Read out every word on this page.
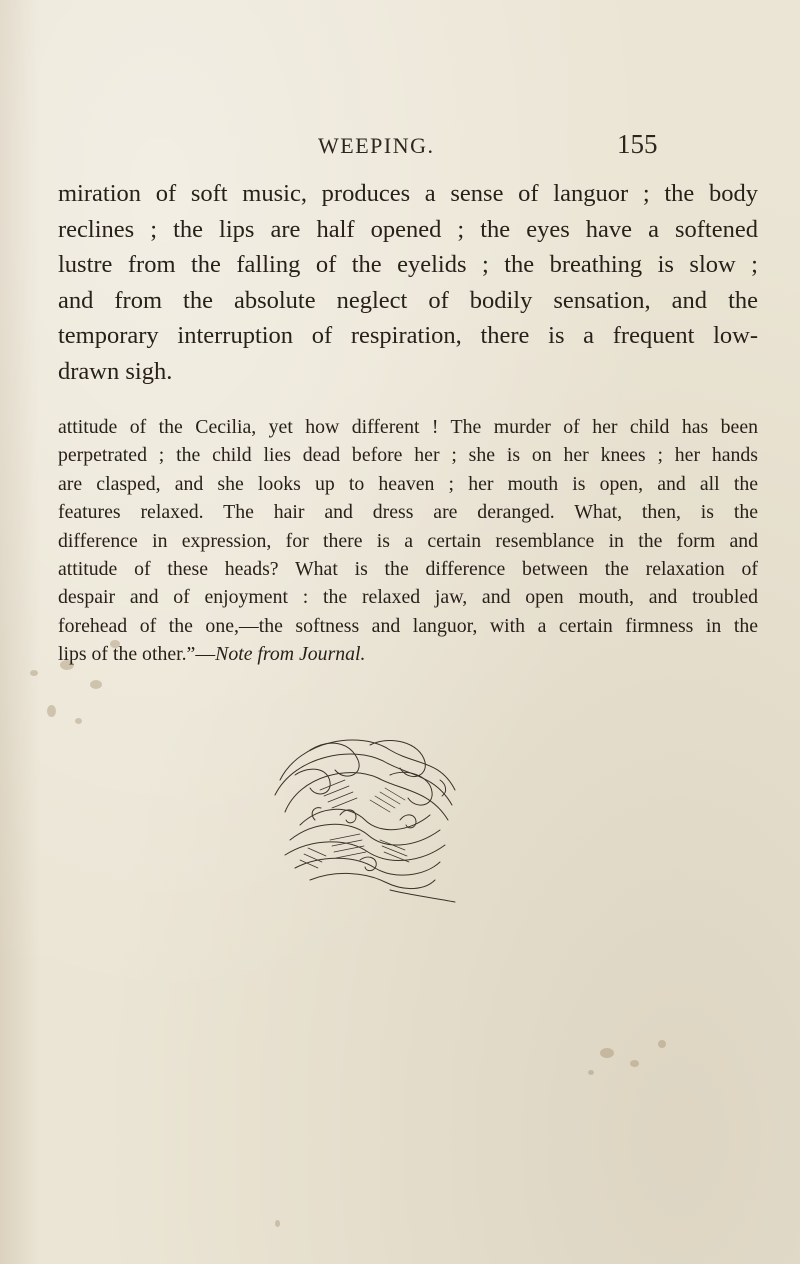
WEEPING.	155
miration of soft music, produces a sense of languor ; the body
reclines ; the lips are half opened ; the eyes have a softened
lustre from the falling of the eyelids ; the breathing is slow ;
and from the absolute neglect of bodily sensation, and the
temporary interruption of respiration, there is a frequent low-
drawn sigh.
attitude of the Cecilia, yet how different ! The murder of her child has been
perpetrated ; the child lies dead before her ; she is on her knees ; her hands
are clasped, and she looks up to heaven ; her mouth is open, and all the
features relaxed. The hair and dress are deranged. What, then, is the
difference in expression, for there is a certain resemblance in the form and
attitude of these heads? What is the difference between the relaxation of
despair and of enjoyment : the relaxed jaw, and open mouth, and troubled
forehead of the one,—the softness and languor, with a certain firmness in the
lips of the other.”—Note from Journal.
